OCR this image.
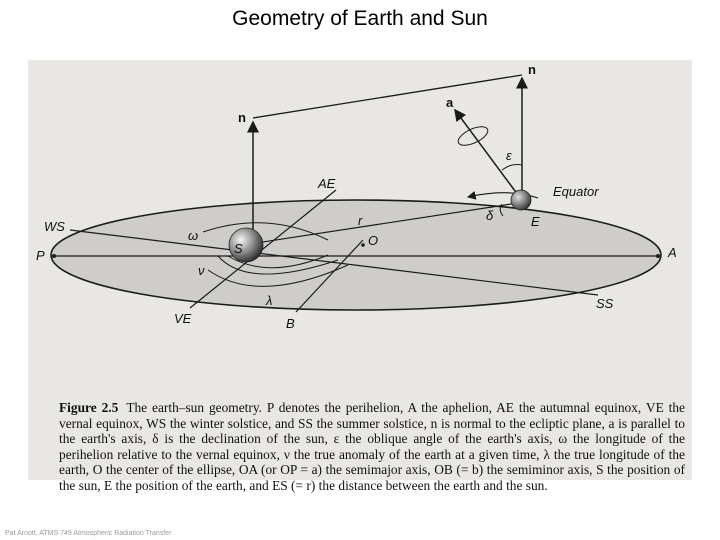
Geometry of Earth and Sun
n
n
a
ε
AE
Equator
r	δ	E
WS
ω
S
O
P	A
ν
λ
VE	B
SS
Figure 2.5 The earth–sun geometry. P denotes the perihelion, A the aphelion, AE the autumnal equinox, VE the vernal equinox, WS the winter solstice, and SS the summer solstice, n is normal to the ecliptic plane, a is parallel to the earth's axis, δ is the declination of the sun, ε the oblique angle of the earth's axis, ω the longitude of the perihelion relative to the vernal equinox, ν the true anomaly of the earth at a given time, λ the true longitude of the earth, O the center of the ellipse, OA (or OP = a) the semimajor axis, OB (= b) the semiminor axis, S the position of the sun, E the position of the earth, and ES (= r) the distance between the earth and the sun.
Pat Arnott, ATMS 749 Atmospheric Radiation Transfer
